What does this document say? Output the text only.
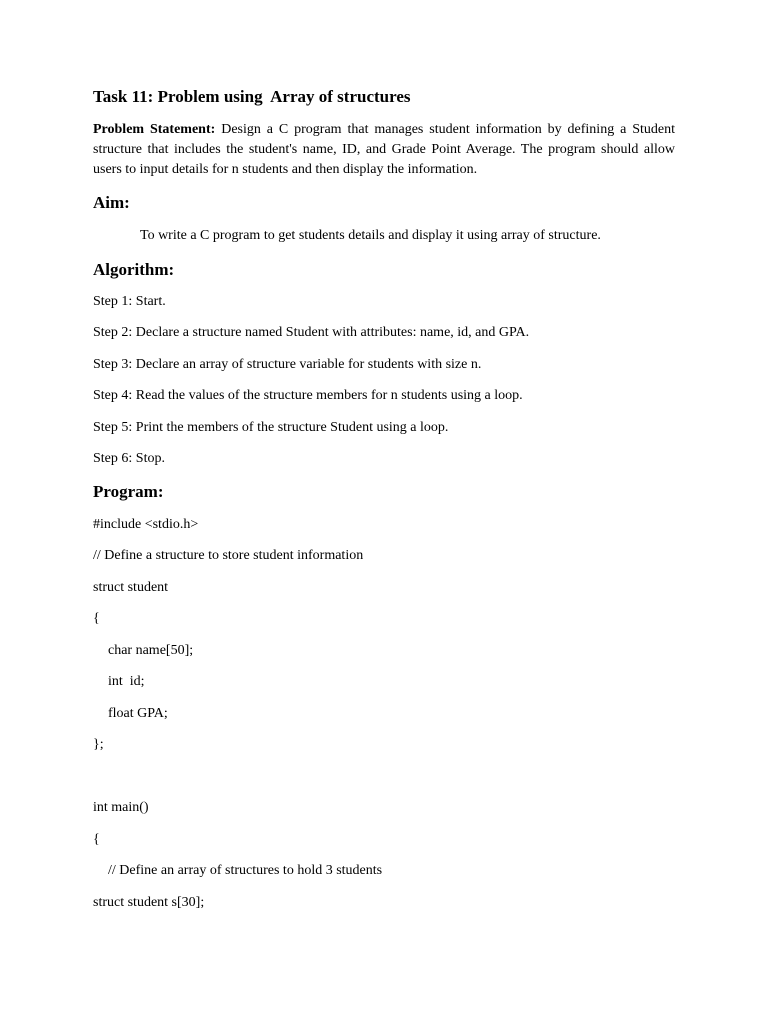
Task 11: Problem using  Array of structures

Problem Statement: Design a C program that manages student information by defining a Student structure that includes the student's name, ID, and Grade Point Average. The program should allow users to input details for n students and then display the information.

Aim:

To write a C program to get students details and display it using array of structure.

Algorithm:

Step 1: Start.

Step 2: Declare a structure named Student with attributes: name, id, and GPA.

Step 3: Declare an array of structure variable for students with size n.

Step 4: Read the values of the structure members for n students using a loop.

Step 5: Print the members of the structure Student using a loop.

Step 6: Stop.

Program:

#include <stdio.h>

// Define a structure to store student information

struct student

{

char name[50];

int  id;

float GPA;

};

int main()

{

// Define an array of structures to hold 3 students

struct student s[30];
